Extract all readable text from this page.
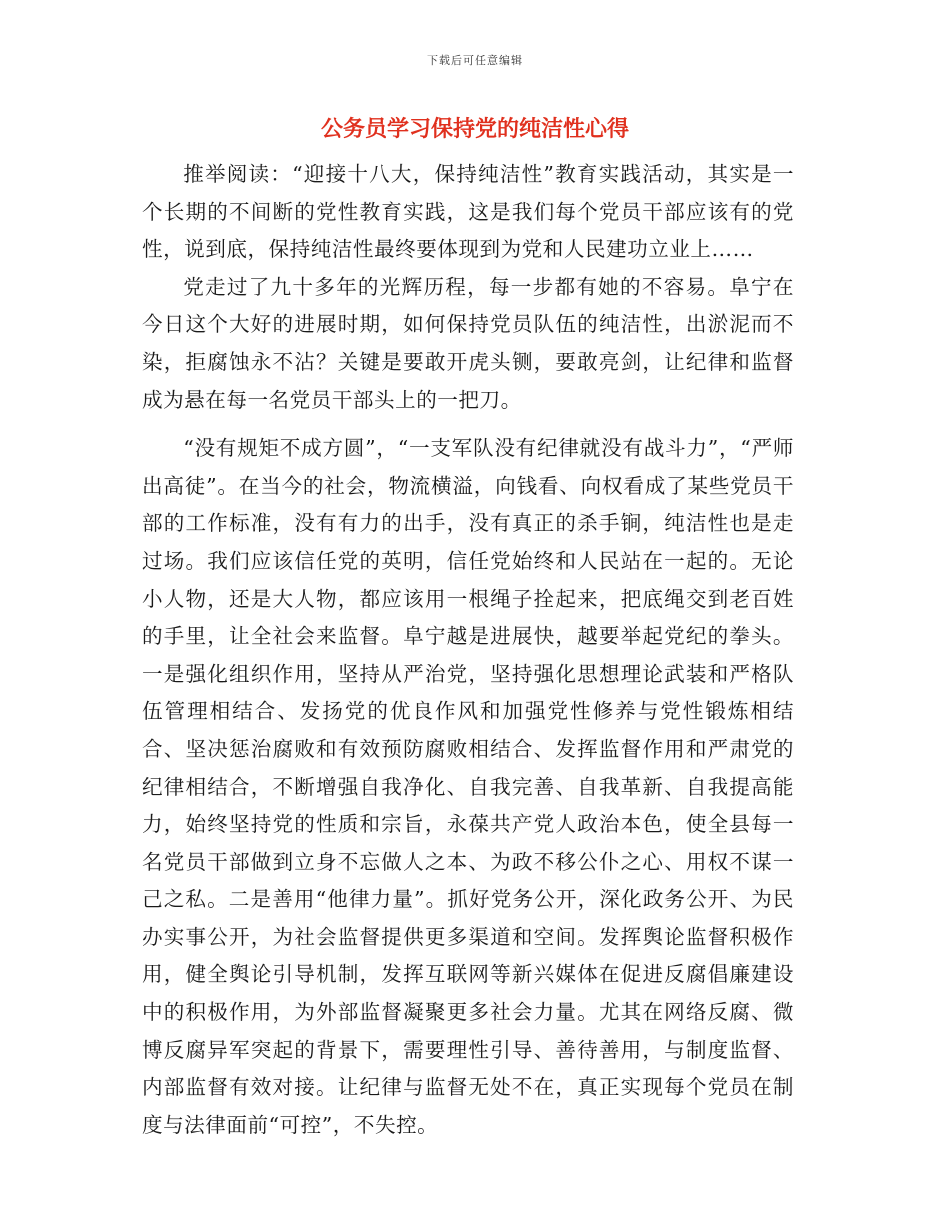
下载后可任意编辑
公务员学习保持党的纯洁性心得

推举阅读：“迎接十八大，保持纯洁性”教育实践活动，其实是一个长期的不间断的党性教育实践，这是我们每个党员干部应该有的党性，说到底，保持纯洁性最终要体现到为党和人民建功立业上……

党走过了九十多年的光辉历程，每一步都有她的不容易。阜宁在今日这个大好的进展时期，如何保持党员队伍的纯洁性，出淤泥而不染，拒腐蚀永不沾？关键是要敢开虎头铡，要敢亮剑，让纪律和监督成为悬在每一名党员干部头上的一把刀。

“没有规矩不成方圆”，“一支军队没有纪律就没有战斗力”，“严师出高徒”。在当今的社会，物流横溢，向钱看、向权看成了某些党员干部的工作标准，没有有力的出手，没有真正的杀手锏，纯洁性也是走过场。我们应该信任党的英明，信任党始终和人民站在一起的。无论小人物，还是大人物，都应该用一根绳子拴起来，把底绳交到老百姓的手里，让全社会来监督。阜宁越是进展快，越要举起党纪的拳头。一是强化组织作用，坚持从严治党，坚持强化思想理论武装和严格队伍管理相结合、发扬党的优良作风和加强党性修养与党性锻炼相结合、坚决惩治腐败和有效预防腐败相结合、发挥监督作用和严肃党的纪律相结合，不断增强自我净化、自我完善、自我革新、自我提高能力，始终坚持党的性质和宗旨，永葆共产党人政治本色，使全县每一名党员干部做到立身不忘做人之本、为政不移公仆之心、用权不谋一己之私。二是善用“他律力量”。抓好党务公开，深化政务公开、为民办实事公开，为社会监督提供更多渠道和空间。发挥舆论监督积极作用，健全舆论引导机制，发挥互联网等新兴媒体在促进反腐倡廉建设中的积极作用，为外部监督凝聚更多社会力量。尤其在网络反腐、微博反腐异军突起的背景下，需要理性引导、善待善用，与制度监督、内部监督有效对接。让纪律与监督无处不在，真正实现每个党员在制度与法律面前“可控”，不失控。
